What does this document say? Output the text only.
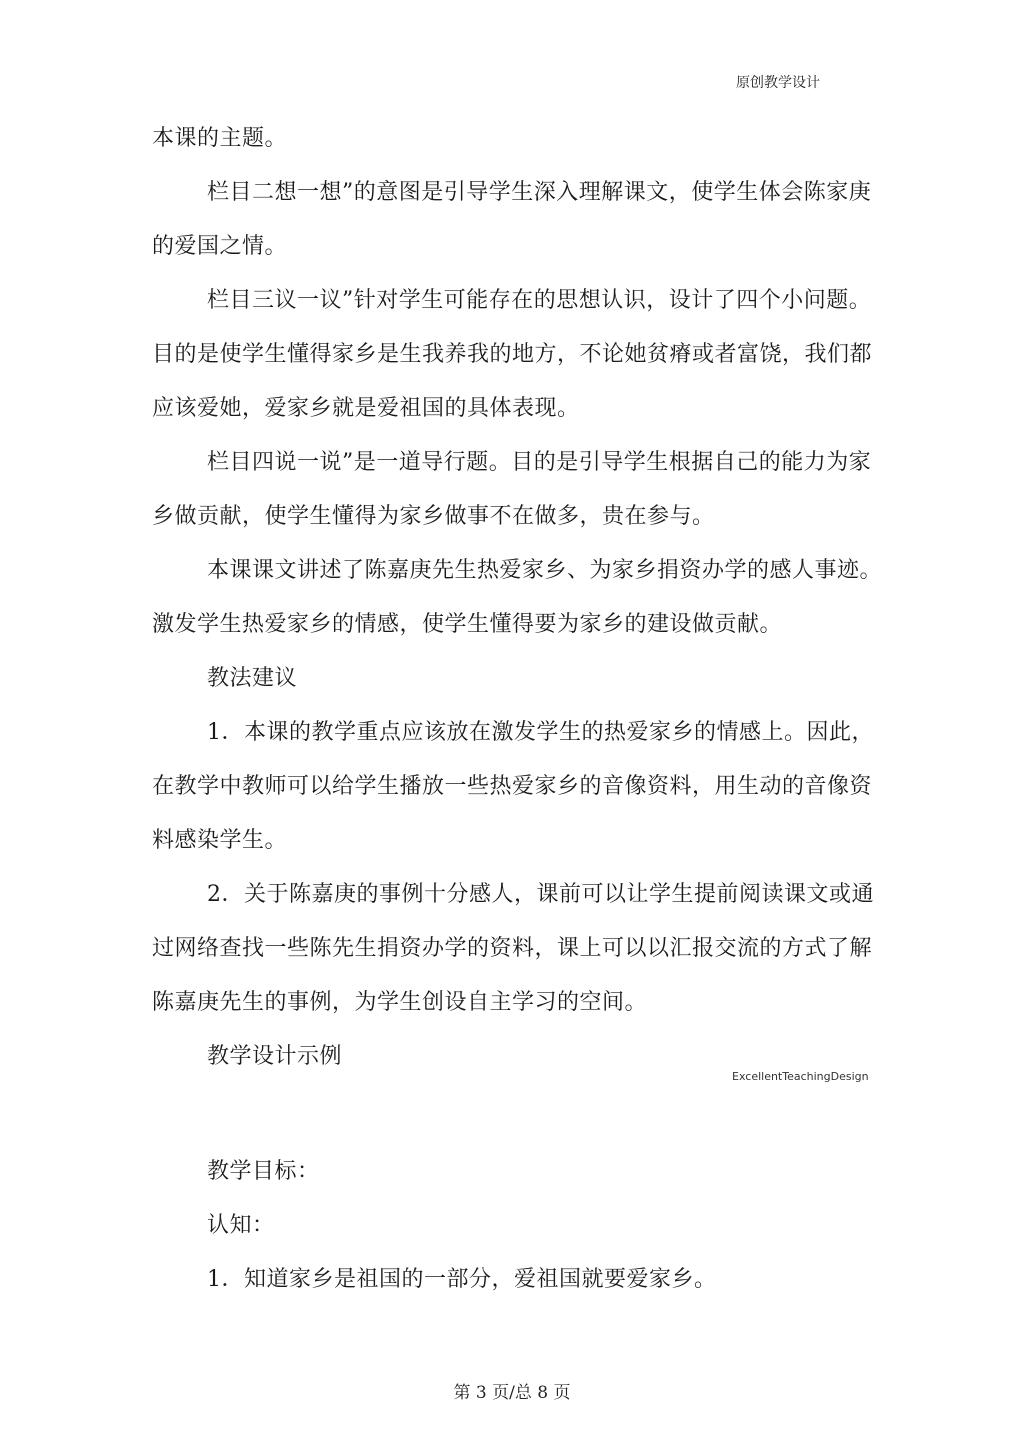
原创教学设计

本课的主题。

栏目二想一想”的意图是引导学生深入理解课文，使学生体会陈家庚的爱国之情。

栏目三议一议”针对学生可能存在的思想认识，设计了四个小问题。目的是使学生懂得家乡是生我养我的地方，不论她贫瘠或者富饶，我们都应该爱她，爱家乡就是爱祖国的具体表现。

栏目四说一说”是一道导行题。目的是引导学生根据自己的能力为家乡做贡献，使学生懂得为家乡做事不在做多，贵在参与。

本课课文讲述了陈嘉庚先生热爱家乡、为家乡捐资办学的感人事迹。激发学生热爱家乡的情感，使学生懂得要为家乡的建设做贡献。

教法建议

1．本课的教学重点应该放在激发学生的热爱家乡的情感上。因此，在教学中教师可以给学生播放一些热爱家乡的音像资料，用生动的音像资料感染学生。

2．关于陈嘉庚的事例十分感人，课前可以让学生提前阅读课文或通过网络查找一些陈先生捐资办学的资料，课上可以以汇报交流的方式了解陈嘉庚先生的事例，为学生创设自主学习的空间。

教学设计示例

ExcellentTeachingDesign

教学目标：

认知：

1．知道家乡是祖国的一部分，爱祖国就要爱家乡。

第 3 页/总 8 页
